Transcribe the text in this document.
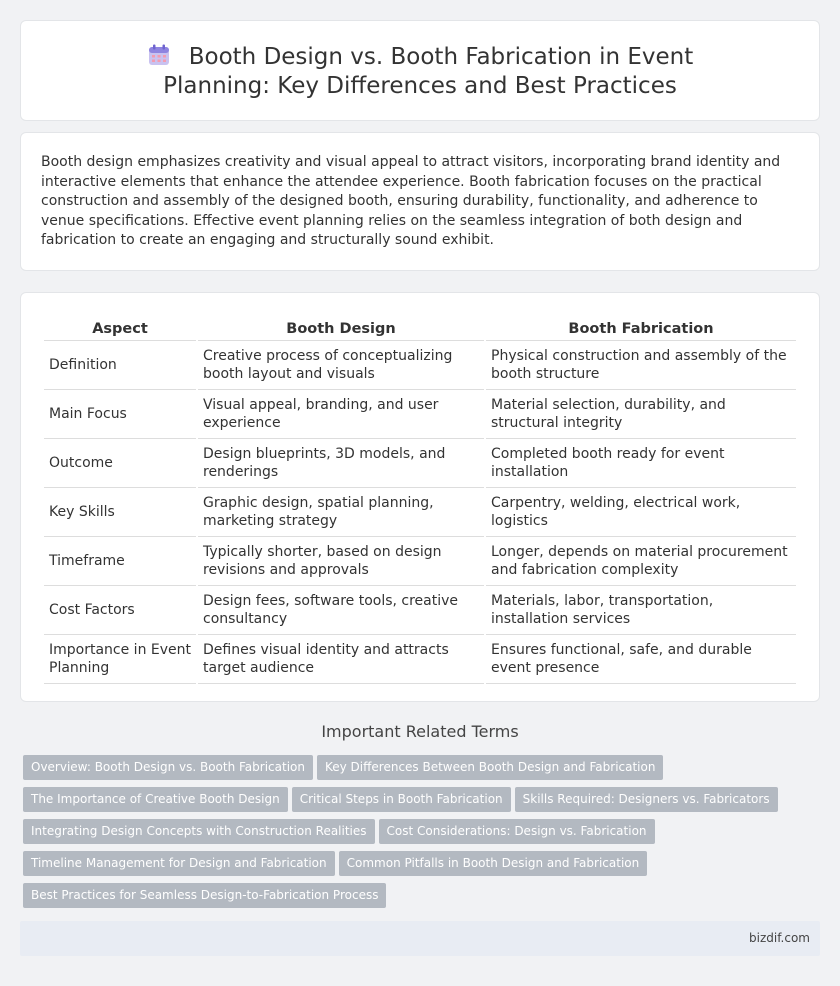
Booth Design vs. Booth Fabrication in Event Planning: Key Differences and Best Practices

Booth design emphasizes creativity and visual appeal to attract visitors, incorporating brand identity and interactive elements that enhance the attendee experience. Booth fabrication focuses on the practical construction and assembly of the designed booth, ensuring durability, functionality, and adherence to venue specifications. Effective event planning relies on the seamless integration of both design and fabrication to create an engaging and structurally sound exhibit.

Aspect	Booth Design	Booth Fabrication
Definition	Creative process of conceptualizing booth layout and visuals	Physical construction and assembly of the booth structure
Main Focus	Visual appeal, branding, and user experience	Material selection, durability, and structural integrity
Outcome	Design blueprints, 3D models, and renderings	Completed booth ready for event installation
Key Skills	Graphic design, spatial planning, marketing strategy	Carpentry, welding, electrical work, logistics
Timeframe	Typically shorter, based on design revisions and approvals	Longer, depends on material procurement and fabrication complexity
Cost Factors	Design fees, software tools, creative consultancy	Materials, labor, transportation, installation services
Importance in Event Planning	Defines visual identity and attracts target audience	Ensures functional, safe, and durable event presence
Important Related Terms
Overview: Booth Design vs. Booth Fabrication Key Differences Between Booth Design and Fabrication
The Importance of Creative Booth Design Critical Steps in Booth Fabrication Skills Required: Designers vs. Fabricators
Integrating Design Concepts with Construction Realities Cost Considerations: Design vs. Fabrication
Timeline Management for Design and Fabrication Common Pitfalls in Booth Design and Fabrication
Best Practices for Seamless Design-to-Fabrication Process
bizdif.com
